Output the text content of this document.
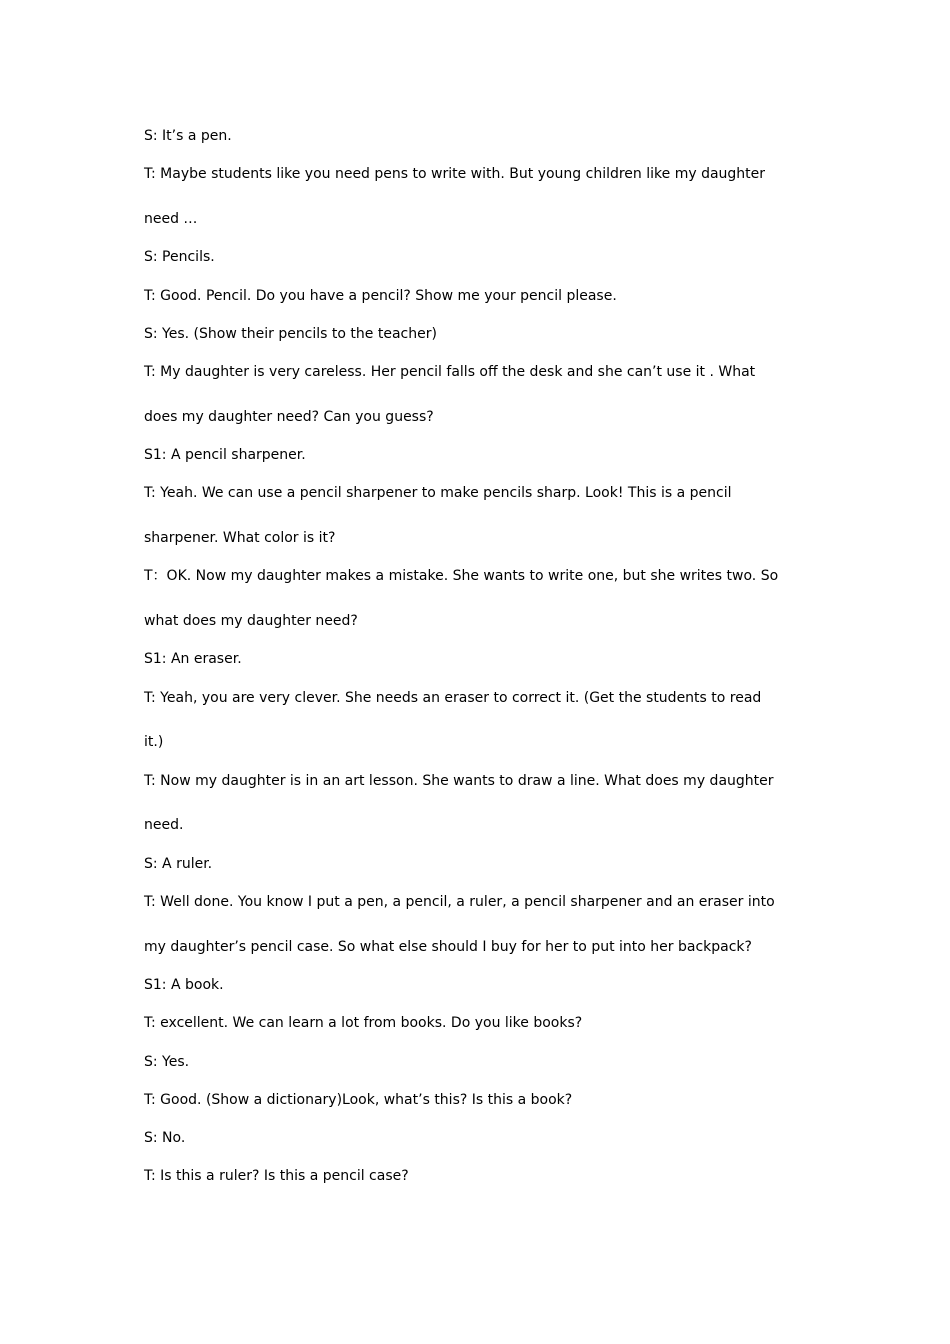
S: It’s a pen.

T: Maybe students like you need pens to write with. But young children like my daughter

need …

S: Pencils.

T: Good. Pencil. Do you have a pencil? Show me your pencil please.

S: Yes. (Show their pencils to the teacher)

T: My daughter is very careless. Her pencil falls off the desk and she can’t use it . What

does my daughter need? Can you guess?

S1: A pencil sharpener.

T: Yeah. We can use a pencil sharpener to make pencils sharp. Look! This is a pencil

sharpener. What color is it?

T：OK. Now my daughter makes a mistake. She wants to write one, but she writes two. So

what does my daughter need?

S1: An eraser.

T: Yeah, you are very clever. She needs an eraser to correct it. (Get the students to read

it.)

T: Now my daughter is in an art lesson. She wants to draw a line. What does my daughter

need.

S: A ruler.

T: Well done. You know I put a pen, a pencil, a ruler, a pencil sharpener and an eraser into

my daughter’s pencil case. So what else should I buy for her to put into her backpack?

S1: A book.

T: excellent. We can learn a lot from books. Do you like books?

S: Yes.

T: Good. (Show a dictionary)Look, what’s this? Is this a book?

S: No.

T: Is this a ruler? Is this a pencil case?
